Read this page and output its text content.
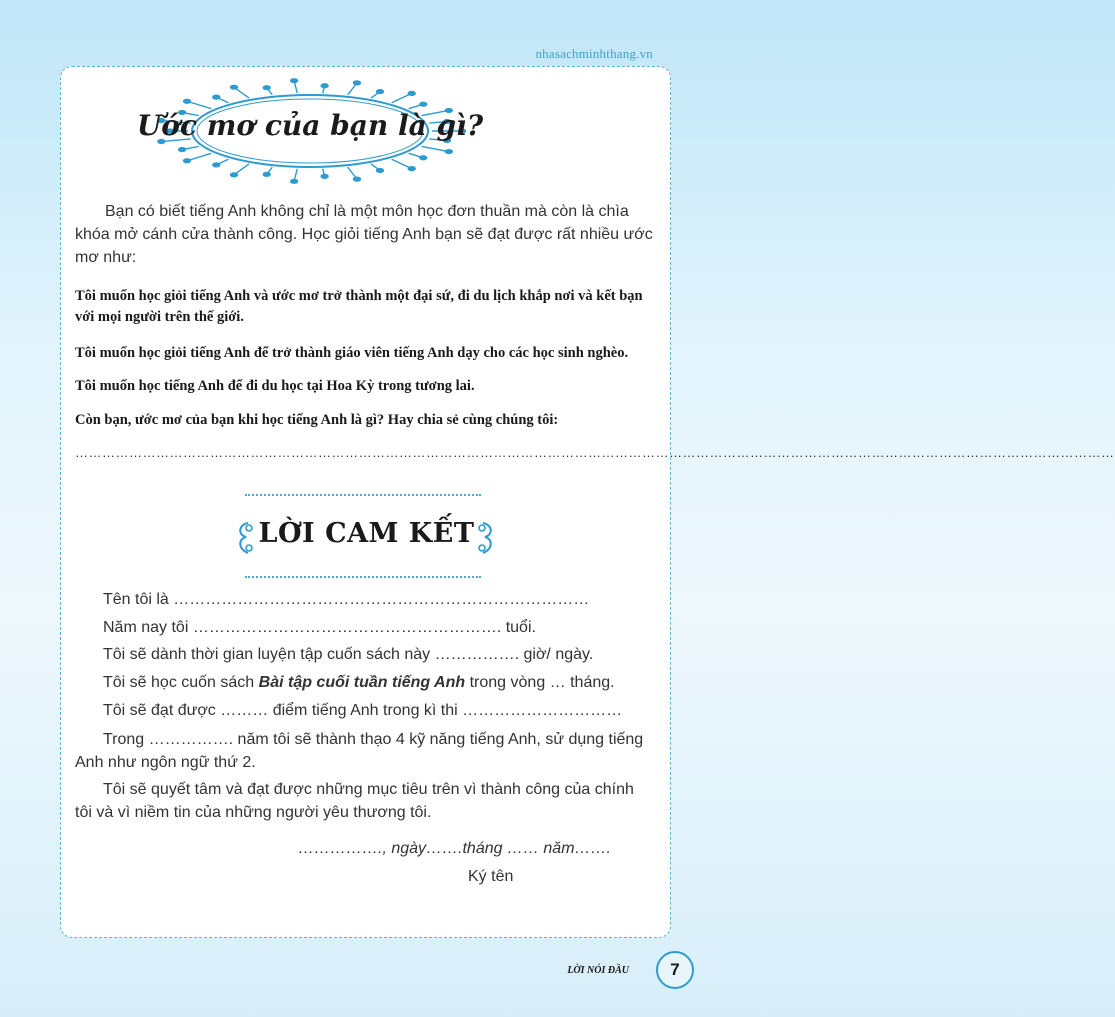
nhasachminhthang.vn
Ước mơ của bạn là gì?
Bạn có biết tiếng Anh không chỉ là một môn học đơn thuần mà còn là chìa khóa mở cánh cửa thành công. Học giỏi tiếng Anh bạn sẽ đạt được rất nhiều ước mơ như:
Tôi muốn học giỏi tiếng Anh và ước mơ trở thành một đại sứ, đi du lịch khắp nơi và kết bạn với mọi người trên thế giới.
Tôi muốn học giỏi tiếng Anh để trở thành giáo viên tiếng Anh dạy cho các học sinh nghèo.
Tôi muốn học tiếng Anh để đi du học tại Hoa Kỳ trong tương lai.
Còn bạn, ước mơ của bạn khi học tiếng Anh là gì? Hay chia sẻ cùng chúng tôi:
……………………………………………………………………………………………………………………………………………………………………………………………………………
LỜI CAM KẾT
Tên tôi là ……………………………………………………………………
Năm nay tôi …………………………………………………. tuổi.
Tôi sẽ dành thời gian luyện tập cuốn sách này ……………. giờ/ ngày.
Tôi sẽ học cuốn sách Bài tập cuối tuần tiếng Anh trong vòng … tháng.
Tôi sẽ đạt được ……… điểm tiếng Anh trong kì thi …………………………
Trong ……………. năm tôi sẽ thành thạo 4 kỹ năng tiếng Anh, sử dụng tiếng Anh như ngôn ngữ thứ 2.
Tôi sẽ quyết tâm và đạt được những mục tiêu trên vì thành công của chính tôi và vì niềm tin của những người yêu thương tôi.
……………., ngày…….tháng …… năm…….
Ký tên
LỜI NÓI ĐẦU	7
